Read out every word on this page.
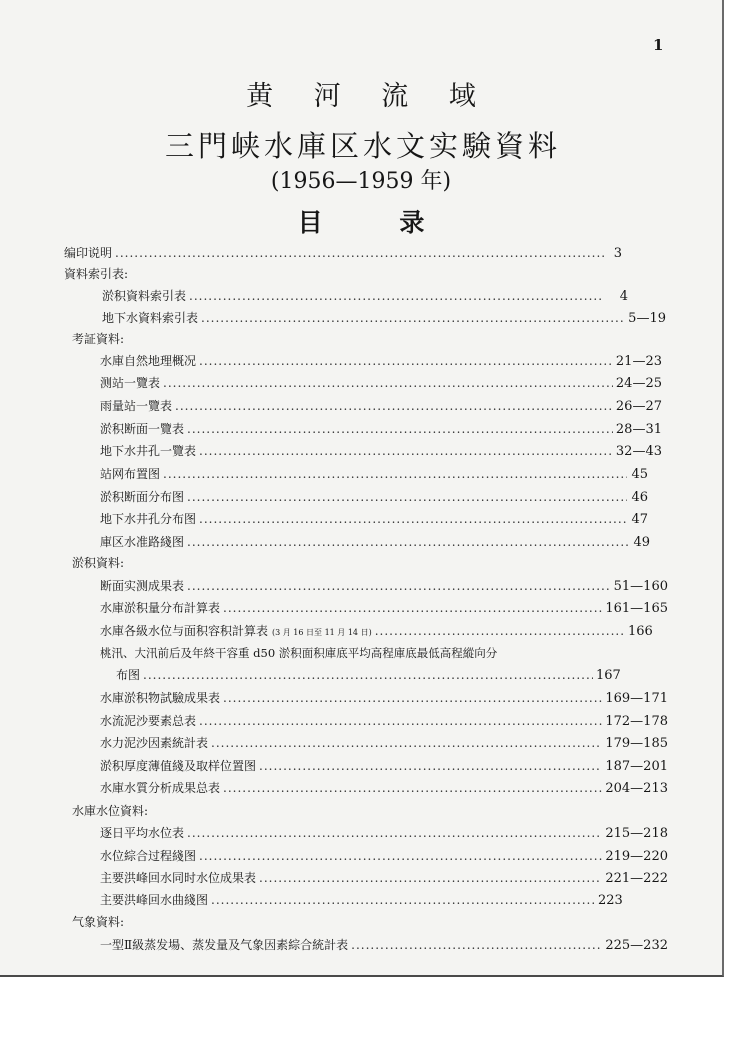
1
黄 河 流 域
三門峡水庫区水文实験資料
(1956—1959 年)
目 录
编印说明 .....	3
資料索引表:
淤积資料索引表 .....	4
地下水資料索引表 .....	5—19
考証資料:
水庫自然地理概况 .....	21—23
测站一覽表 .....	24—25
雨量站一覽表 .....	26—27
淤积断面一覽表 .....	28—31
地下水井孔一覽表 .....	32—43
站网布置图 .....	45
淤积断面分布图 .....	46
地下水井孔分布图 .....	47
庫区水准路綫图 .....	49
淤积資料:
断面实测成果表 .....	51—160
水庫淤积量分布計算表 .....	161—165
水庫各級水位与面积容积計算表 (3 月 16 日至 11 月 14 日) .....	166
桃汛、大汛前后及年終干容重 d50 淤积面积庫底平均高程庫底最低高程縱向分
布图 .....	167
水庫淤积物試驗成果表 .....	169—171
水流泥沙要素总表 .....	172—178
水力泥沙因素統計表 .....	179—185
淤积厚度薄值綫及取样位置图 .....	187—201
水庫水質分析成果总表 .....	204—213
水庫水位資料:
逐日平均水位表 .....	215—218
水位綜合过程綫图 .....	219—220
主要洪峰回水同时水位成果表 .....	221—222
主要洪峰回水曲綫图 .....	223
气象資料:
一型Ⅱ級蒸发場、蒸发量及气象因素綜合統計表 .....	225—232
